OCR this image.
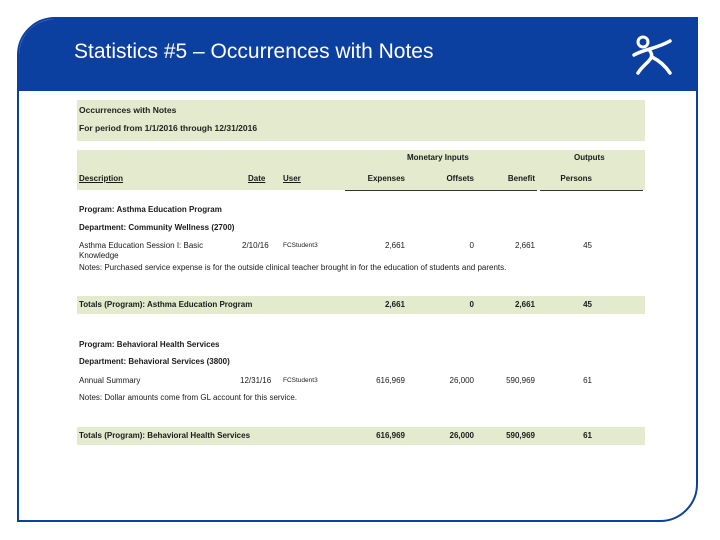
Statistics #5 – Occurrences with Notes
Occurrences with Notes
For period from 1/1/2016 through 12/31/2016
Monetary Inputs	Outputs
Description	Date User	Expenses	Offsets	Benefit	Persons
Program: Asthma Education Program
Department: Community Wellness (2700)
Asthma Education Session I: Basic Knowledge
2/10/16 FCStudent3	2,661	0	2,661	45
Notes: Purchased service expense is for the outside clinical teacher brought in for the education of students and parents.
Totals (Program): Asthma Education Program	2,661	0	2,661	45
Program: Behavioral Health Services
Department: Behavioral Services (3800)
Annual Summary	12/31/16 FCStudent3	616,969	26,000	590,969	61
Notes: Dollar amounts come from GL account for this service.
Totals (Program): Behavioral Health Services	616,969	26,000	590,969	61
